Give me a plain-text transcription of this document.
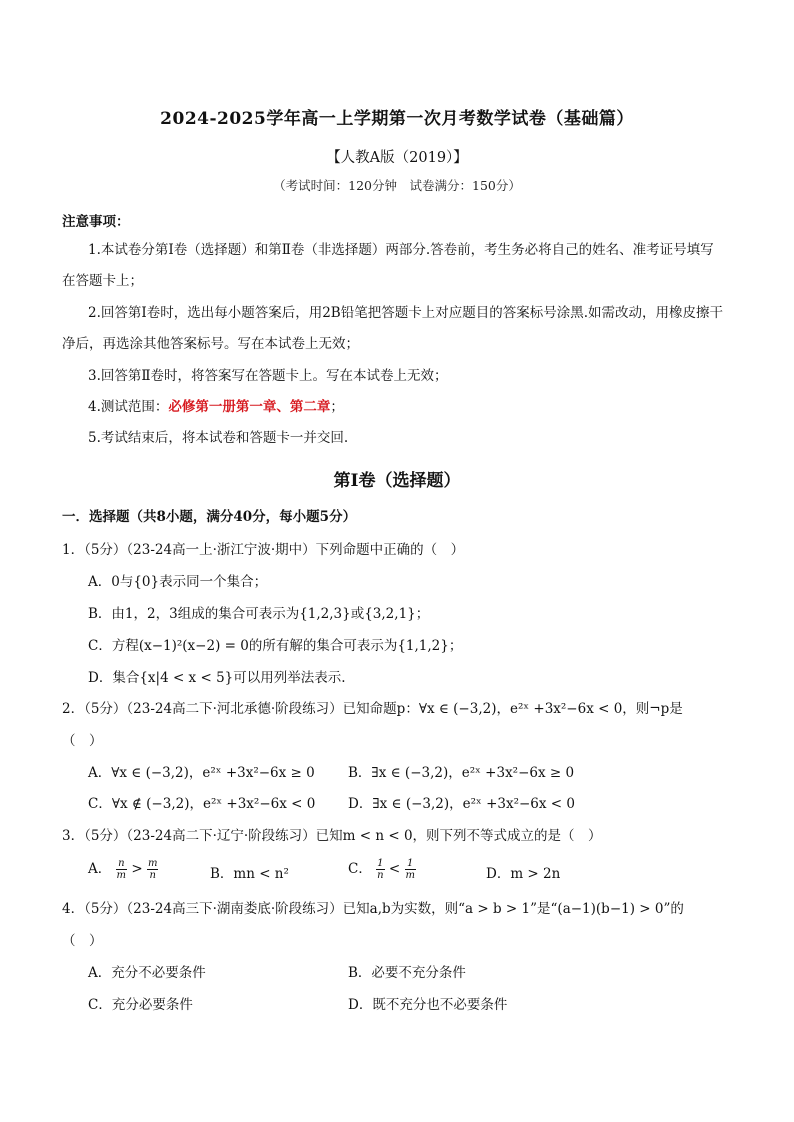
2024-2025学年高一上学期第一次月考数学试卷（基础篇）
【人教A版（2019）】
（考试时间：120分钟　试卷满分：150分）
注意事项：
1.本试卷分第Ⅰ卷（选择题）和第Ⅱ卷（非选择题）两部分.答卷前，考生务必将自己的姓名、准考证号填写
在答题卡上；
2.回答第Ⅰ卷时，选出每小题答案后，用2B铅笔把答题卡上对应题目的答案标号涂黑.如需改动，用橡皮擦干
净后，再选涂其他答案标号。写在本试卷上无效；
3.回答第Ⅱ卷时，将答案写在答题卡上。写在本试卷上无效；
4.测试范围：必修第一册第一章、第二章；
5.考试结束后，将本试卷和答题卡一并交回.
第Ⅰ卷（选择题）
一．选择题（共8小题，满分40分，每小题5分）
1．（5分）（23-24高一上·浙江宁波·期中）下列命题中正确的（　）
A．0与{0}表示同一个集合；
B．由1，2，3组成的集合可表示为{1,2,3}或{3,2,1}；
C．方程(x−1)²(x−2) = 0的所有解的集合可表示为{1,1,2}；
D．集合{x|4 < x < 5}可以用列举法表示.
2．（5分）（23-24高二下·河北承德·阶段练习）已知命题p：∀x ∈ (−3,2)，e²ˣ +3x²−6x < 0，则¬p是
（　）
A．∀x ∈ (−3,2)，e²ˣ +3x²−6x ≥ 0 B．∃x ∈ (−3,2)，e²ˣ +3x²−6x ≥ 0
C．∀x ∉ (−3,2)，e²ˣ +3x²−6x < 0 D．∃x ∈ (−3,2)，e²ˣ +3x²−6x < 0
3．（5分）（23-24高二下·辽宁·阶段练习）已知m < n < 0，则下列不等式成立的是（　）
A． $\frac{n}{m} > \frac{m}{n}$	B．mn < n²	C． $\frac{1}{n} < \frac{1}{m}$	D．m > 2n
4．（5分）（23-24高三下·湖南娄底·阶段练习）已知a,b为实数，则“a > b > 1”是“(a−1)(b−1) > 0”的
（　）
A．充分不必要条件	B．必要不充分条件
C．充分必要条件	D．既不充分也不必要条件
